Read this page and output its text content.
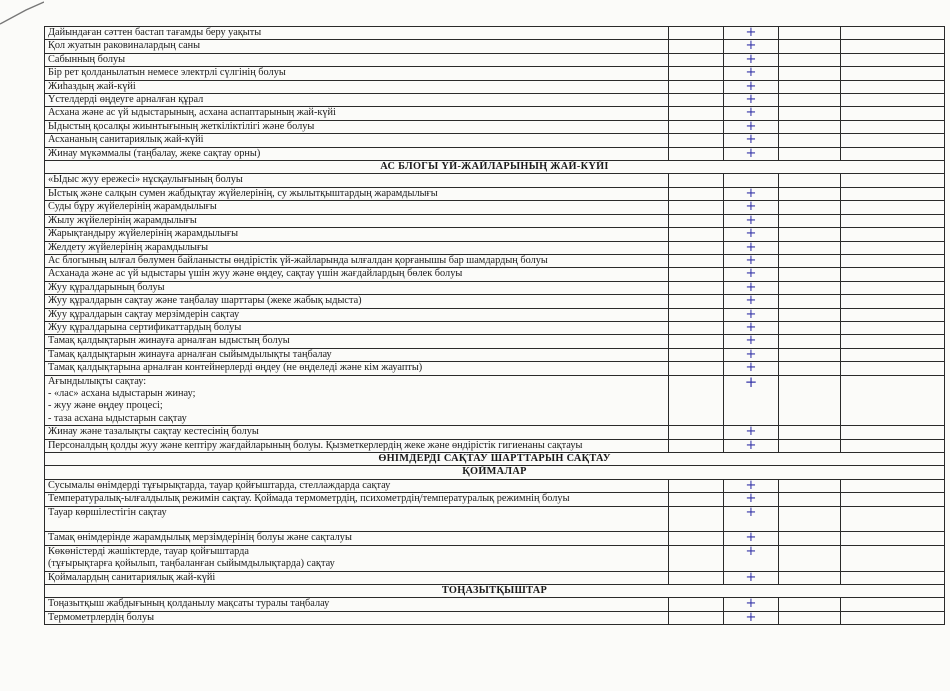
Дайындаған сәттен бастап тағамды беру уақыты		+		

Қол жуатын раковиналардың саны		+		

Сабынның болуы		+		

Бір рет қолданылатын немесе электрлі сүлгінің болуы		+		

Жиһаздың жай-күйі		+		

Үстелдерді өңдеуге арналған құрал		+		

Асхана және ас үй ыдыстарының, асхана аспаптарының жай-күйі		+		

Ыдыстың қосалқы жиынтығының жеткіліктілігі және болуы		+		

Асхананың санитариялық жай-күйі		+		

Жинау мүкәммалы (таңбалау, жеке сақтау орны)		+		
АС БЛОГЫ ҮЙ-ЖАЙЛАРЫНЫҢ ЖАЙ-КҮЙІ				

«Ыдыс жуу ережесі» нұсқаулығының болуы				

Ыстық және салқын сумен жабдықтау жүйелерінің, су жылытқыштардың жарамдылығы		+		

Суды бұру жүйелерінің жарамдылығы		+		

Жылу жүйелерінің жарамдылығы		+		

Жарықтандыру жүйелерінің жарамдылығы		+		

Желдету жүйелерінің жарамдылығы		+		

Ас блогының ылғал бөлумен байланысты өндірістік үй-жайларында ылғалдан қорғанышы бар шамдардың болуы		+		

Асханада және ас үй ыдыстары үшін жуу және өңдеу, сақтау үшін жағдайлардың бөлек болуы		+		

Жуу құралдарының болуы		+		

Жуу құралдарын сақтау және таңбалау шарттары (жеке жабық ыдыста)		+		

Жуу құралдарын сақтау мерзімдерін сақтау		+		

Жуу құралдарына сертификаттардың болуы		+		

Тамақ қалдықтарын жинауға арналған ыдыстың болуы		+		

Тамақ қалдықтарын жинауға арналған сыйымдылықты таңбалау		+		

Тамақ қалдықтарына арналған контейнерлерді өңдеу (не өңделеді және кім жауапты)		+		

Ағындылықты сақтау:
- «лас» асхана ыдыстарын жинау;
- жуу және өңдеу процесі;
- таза асхана ыдыстарын сақтау		+		

Жинау және тазалықты сақтау кестесінің болуы		+		

Персоналдың қолды жуу және кептіру жағдайларының болуы. Қызметкерлердің жеке және өндірістік гигиенаны сақтауы		+		
ӨНІМДЕРДІ САҚТАУ ШАРТТАРЫН САҚТАУ				
ҚОЙМАЛАР				

Сусымалы өнімдерді тұғырықтарда, тауар қойғыштарда, стеллаждарда сақтау		+		

Температуралық-ылғалдылық режимін сақтау. Қоймада термометрдің, психометрдің/температуралық режимнің болуы		+		

Тауар көршілестігін сақтау		+		

Тамақ өнімдерінде жарамдылық мерзімдерінің болуы және сақталуы		+		

Көкөністерді жәшіктерде, тауар қойғыштарда
(тұғырықтарға қойылып, таңбаланған сыйымдылықтарда) сақтау		+		

Қоймалардың санитариялық жай-күйі		+		
ТОҢАЗЫТҚЫШТАР				

Тоңазытқыш жабдығының қолданылу мақсаты туралы таңбалау		+		

Термометрлердің болуы		+		
